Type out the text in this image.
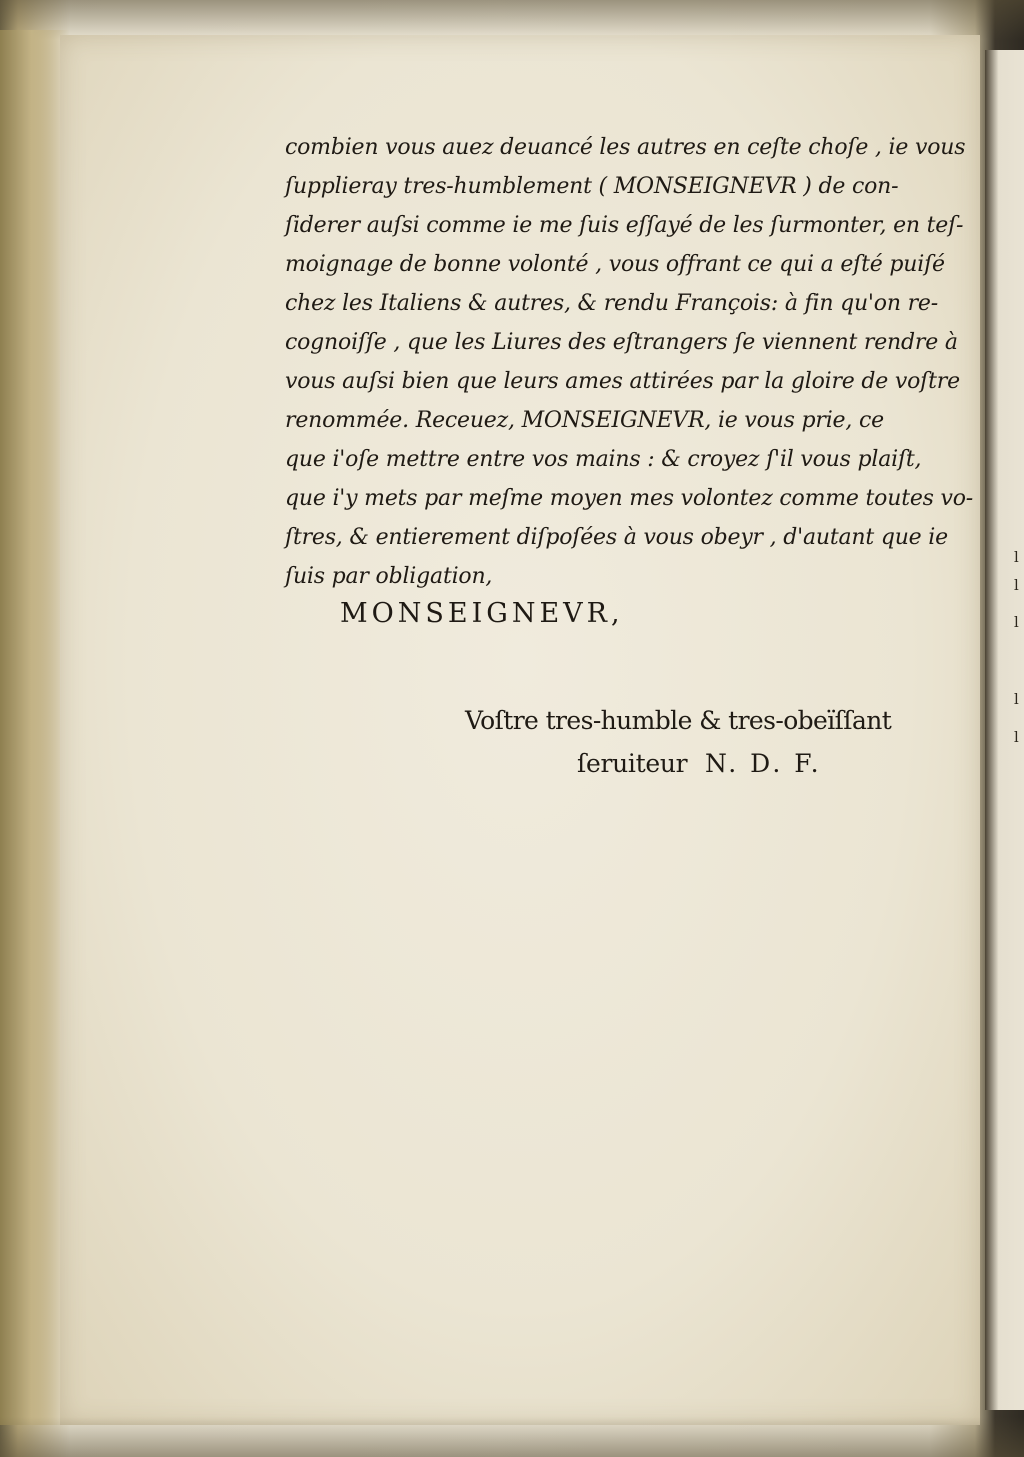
l
l
l
l
l
combien vous auez deuancé les autres en ceſte choſe , ie vous
ſupplieray tres-humblement ( MONSEIGNEVR ) de con-
ſiderer auſsi comme ie me ſuis eſſayé de les ſurmonter, en teſ-
moignage de bonne volonté , vous offrant ce qui a eſté puiſé
chez les Italiens & autres, & rendu François: à fin qu'on re-
cognoiſſe , que les Liures des eſtrangers ſe viennent rendre à
vous auſsi bien que leurs ames attirées par la gloire de voſtre
renommée. Receuez, MONSEIGNEVR, ie vous prie, ce
que i'oſe mettre entre vos mains : & croyez ſ'il vous plaiſt,
que i'y mets par meſme moyen mes volontez comme toutes vo-
ſtres, & entierement diſpoſées à vous obeyr , d'autant que ie
ſuis par obligation,
MONSEIGNEVR,
Voſtre tres-humble & tres-obeïſſant
ſeruiteur N. D. F.
